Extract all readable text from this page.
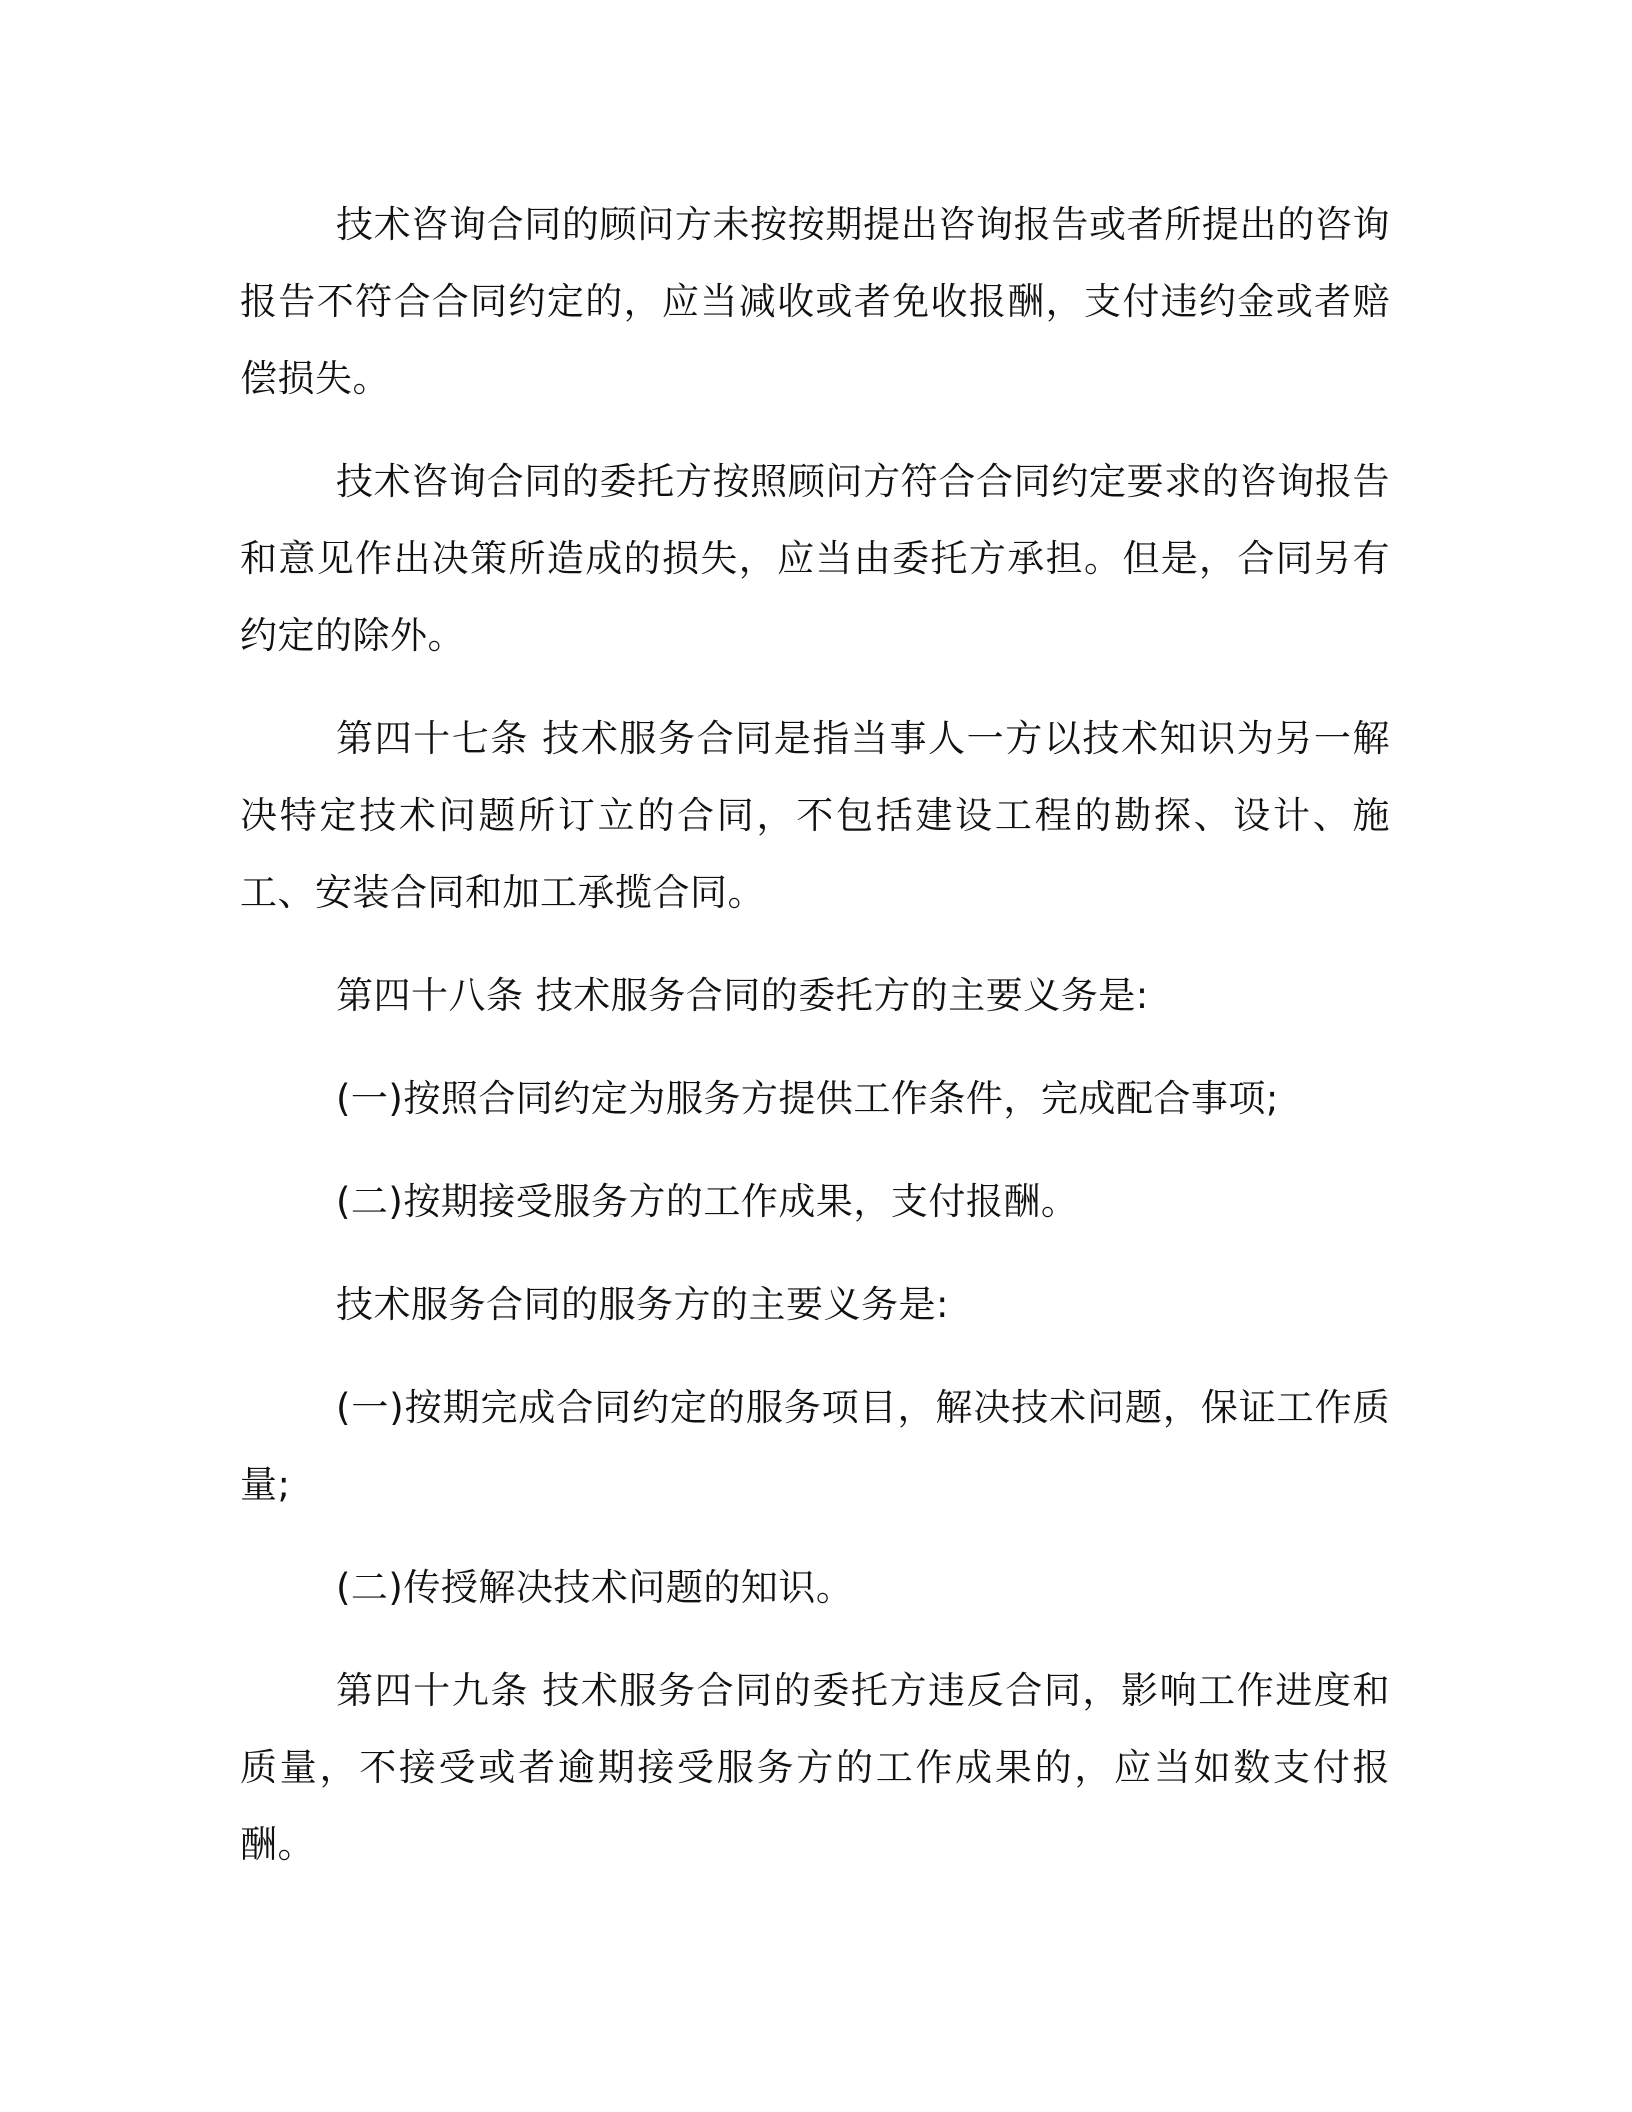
技术咨询合同的顾问方未按按期提出咨询报告或者所提出的咨询报告不符合合同约定的，应当减收或者免收报酬，支付违约金或者赔偿损失。

技术咨询合同的委托方按照顾问方符合合同约定要求的咨询报告和意见作出决策所造成的损失，应当由委托方承担。但是，合同另有约定的除外。

第四十七条 技术服务合同是指当事人一方以技术知识为另一解决特定技术问题所订立的合同，不包括建设工程的勘探、设计、施工、安装合同和加工承揽合同。

第四十八条 技术服务合同的委托方的主要义务是:

(一)按照合同约定为服务方提供工作条件，完成配合事项;

(二)按期接受服务方的工作成果，支付报酬。

技术服务合同的服务方的主要义务是:

(一)按期完成合同约定的服务项目，解决技术问题，保证工作质量;

(二)传授解决技术问题的知识。

第四十九条 技术服务合同的委托方违反合同，影响工作进度和质量，不接受或者逾期接受服务方的工作成果的，应当如数支付报酬。
